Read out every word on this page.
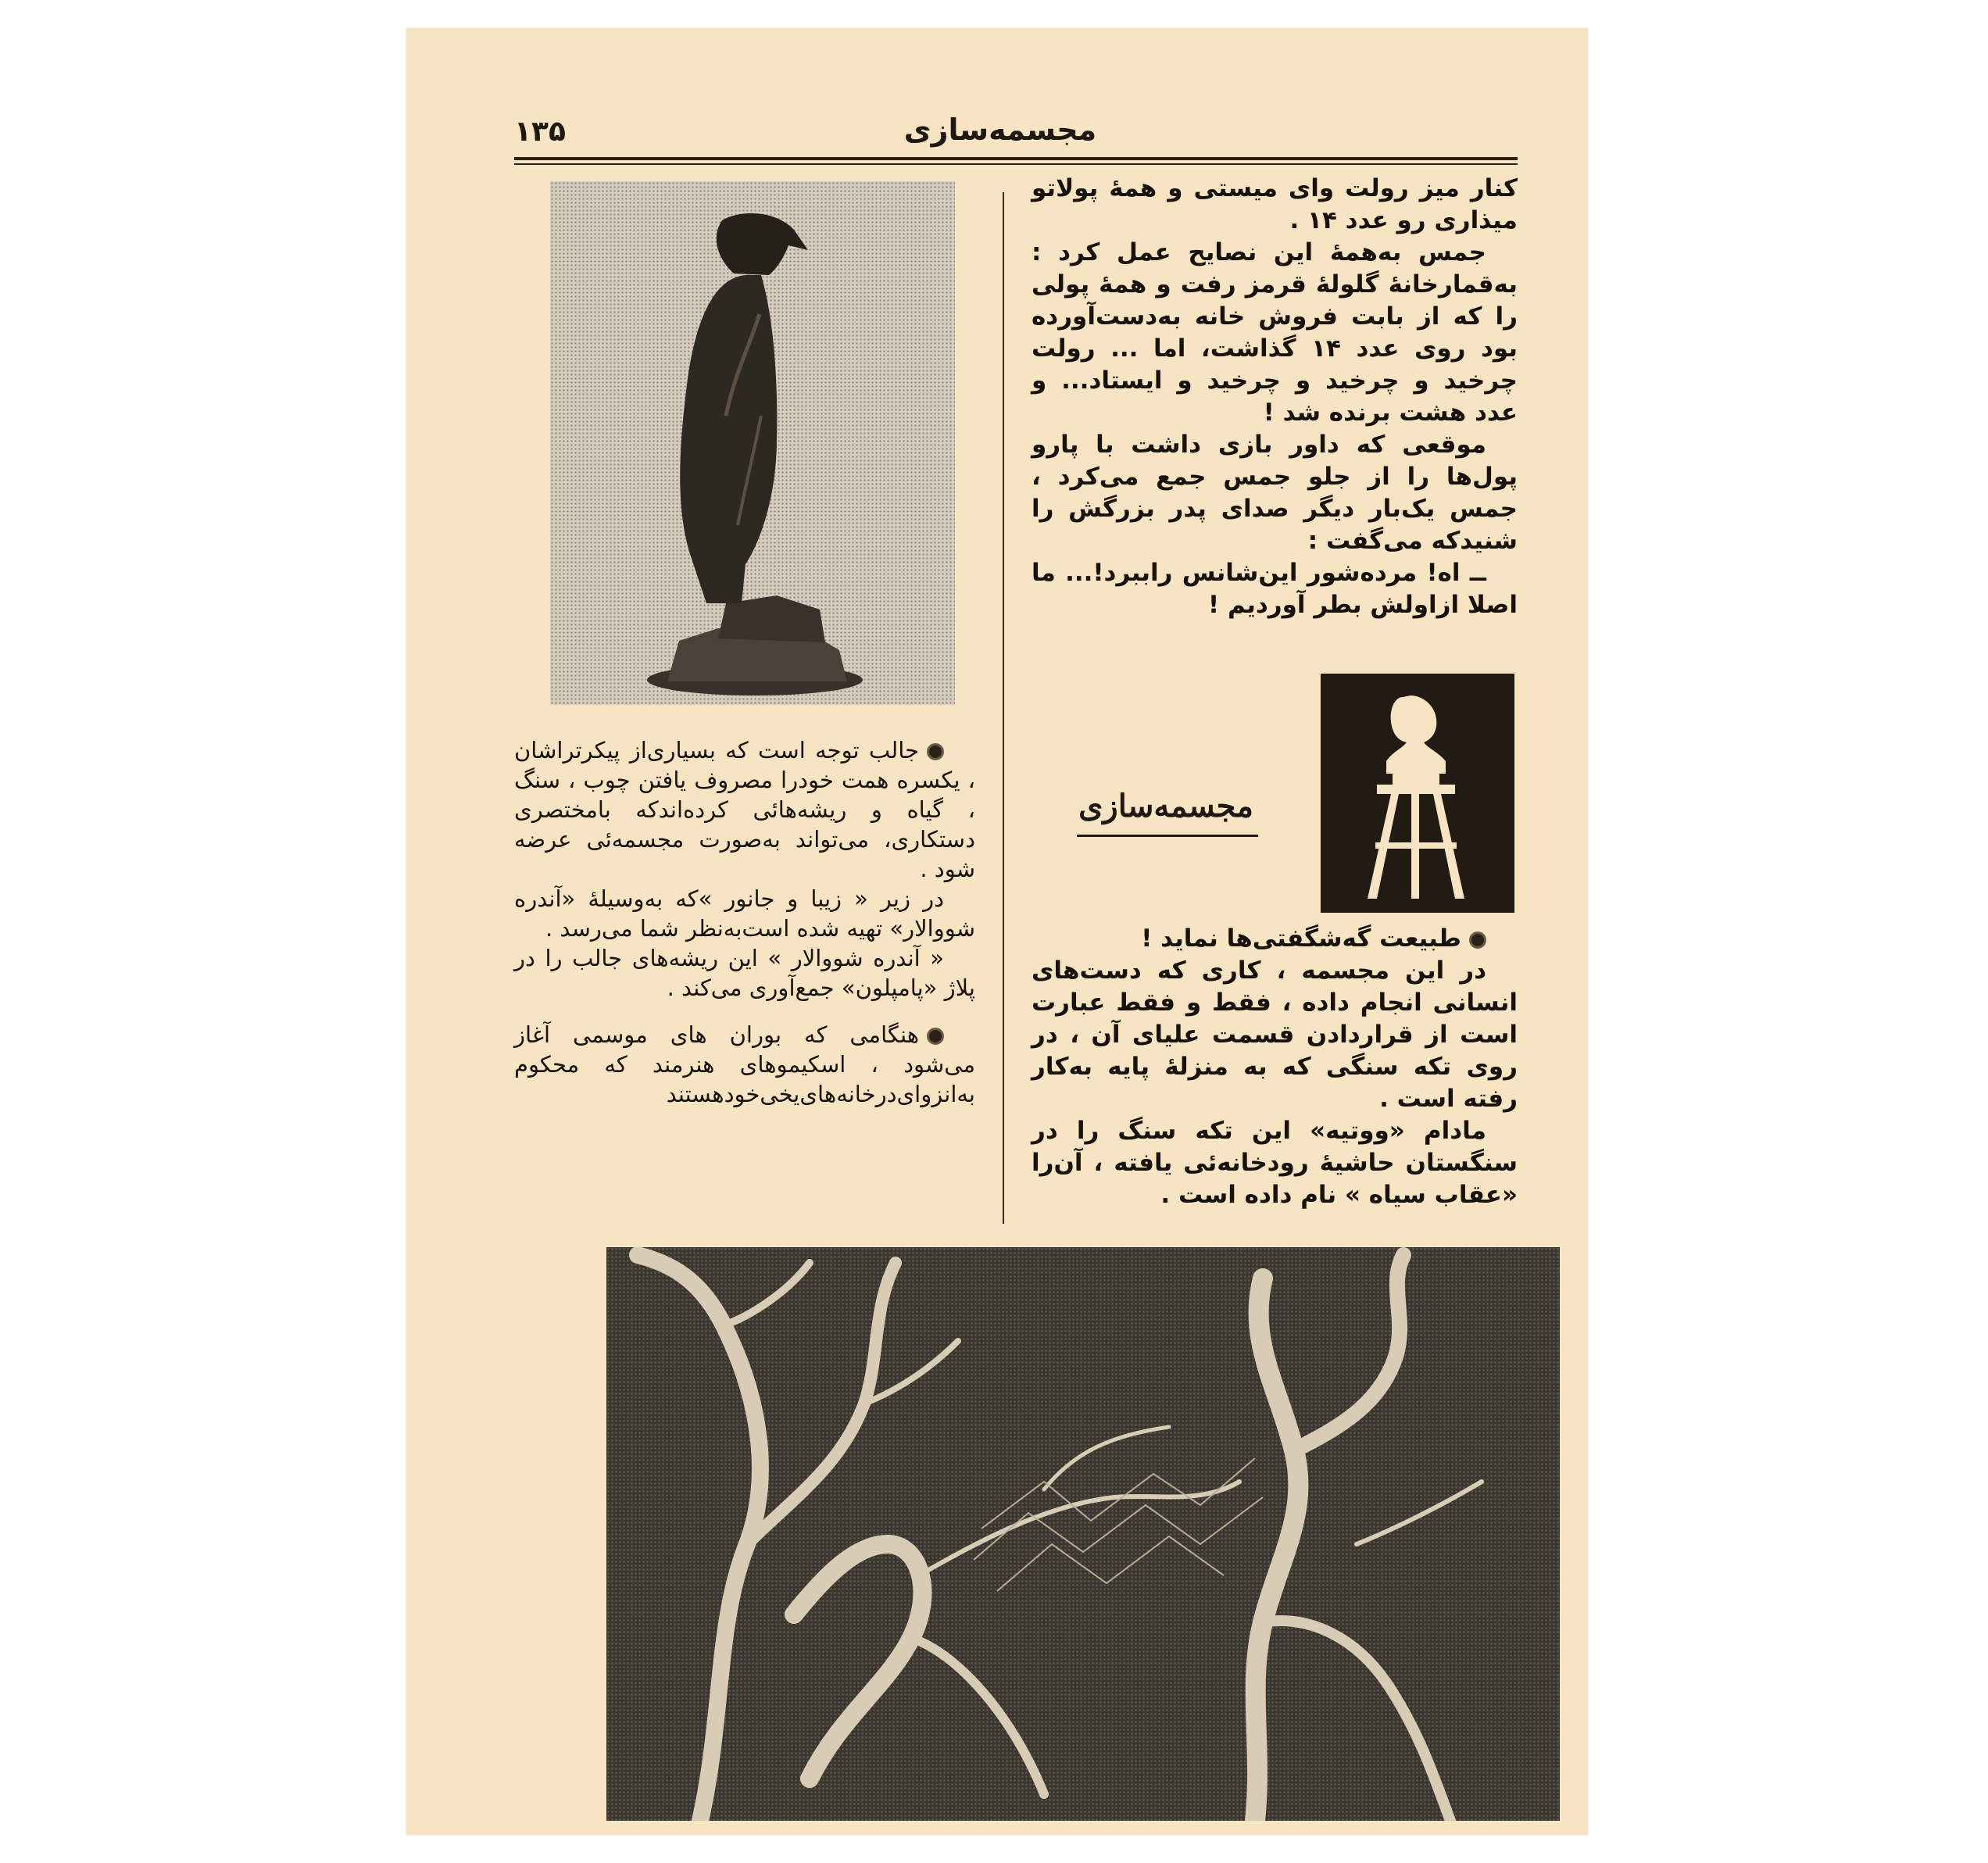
۱۳۵	مجسمه‌سازی

کنار میز رولت وای میستی و همهٔ پولاتو میذاری رو عدد ۱۴ .

جمس به‌همهٔ این نصایح عمل کرد : به‌قمارخانهٔ گلولهٔ قرمز رفت و همهٔ پولی را که از بابت فروش خانه به‌دست‌آورده بود روی عدد ۱۴ گذاشت، اما ... رولت چرخید و چرخید و چرخید و ایستاد... و عدد هشت برنده شد !

موقعی که داور بازی داشت با پارو پول‌ها را از جلو جمس جمع می‌کرد ، جمس یک‌بار دیگر صدای پدر بزرگش را شنیدکه می‌گفت :

ــ اه! مرده‌شور این‌شانس راببرد!... ما اصلا ازاولش بطر آوردیم !

مجسمه‌سازی

طبیعت گه‌شگفتی‌ها نماید !

در این مجسمه ، کاری که دست‌های انسانی انجام داده ، فقط و فقط عبارت است از قراردادن قسمت علیای آن ، در روی تکه سنگی که به منزلهٔ پایه به‌کار رفته است .

مادام «ووتیه» این تکه سنگ را در سنگستان حاشیهٔ رودخانه‌ئی یافته ، آن‌را «عقاب سیاه » نام داده است .

جالب توجه است که بسیاری‌از پیکرتراشان ، یکسره همت خودرا مصروف یافتن چوب ، سنگ ، گیاه و ریشه‌هائی کرده‌اندکه بامختصری دستکاری، می‌تواند به‌صورت مجسمه‌ئی عرضه شود .

در زیر « زیبا و جانور »که به‌وسیلهٔ «آندره شووالار» تهیه شده است‌به‌نظر شما می‌رسد .

« آندره شووالار » این ریشه‌های جالب را در پلاژ «پامپلون» جمع‌آوری می‌کند .

هنگامی که بوران های موسمی آغاز می‌شود ، اسکیموهای هنرمند که محکوم به‌انزوای‌درخانه‌های‌یخی‌خود‌هستند
